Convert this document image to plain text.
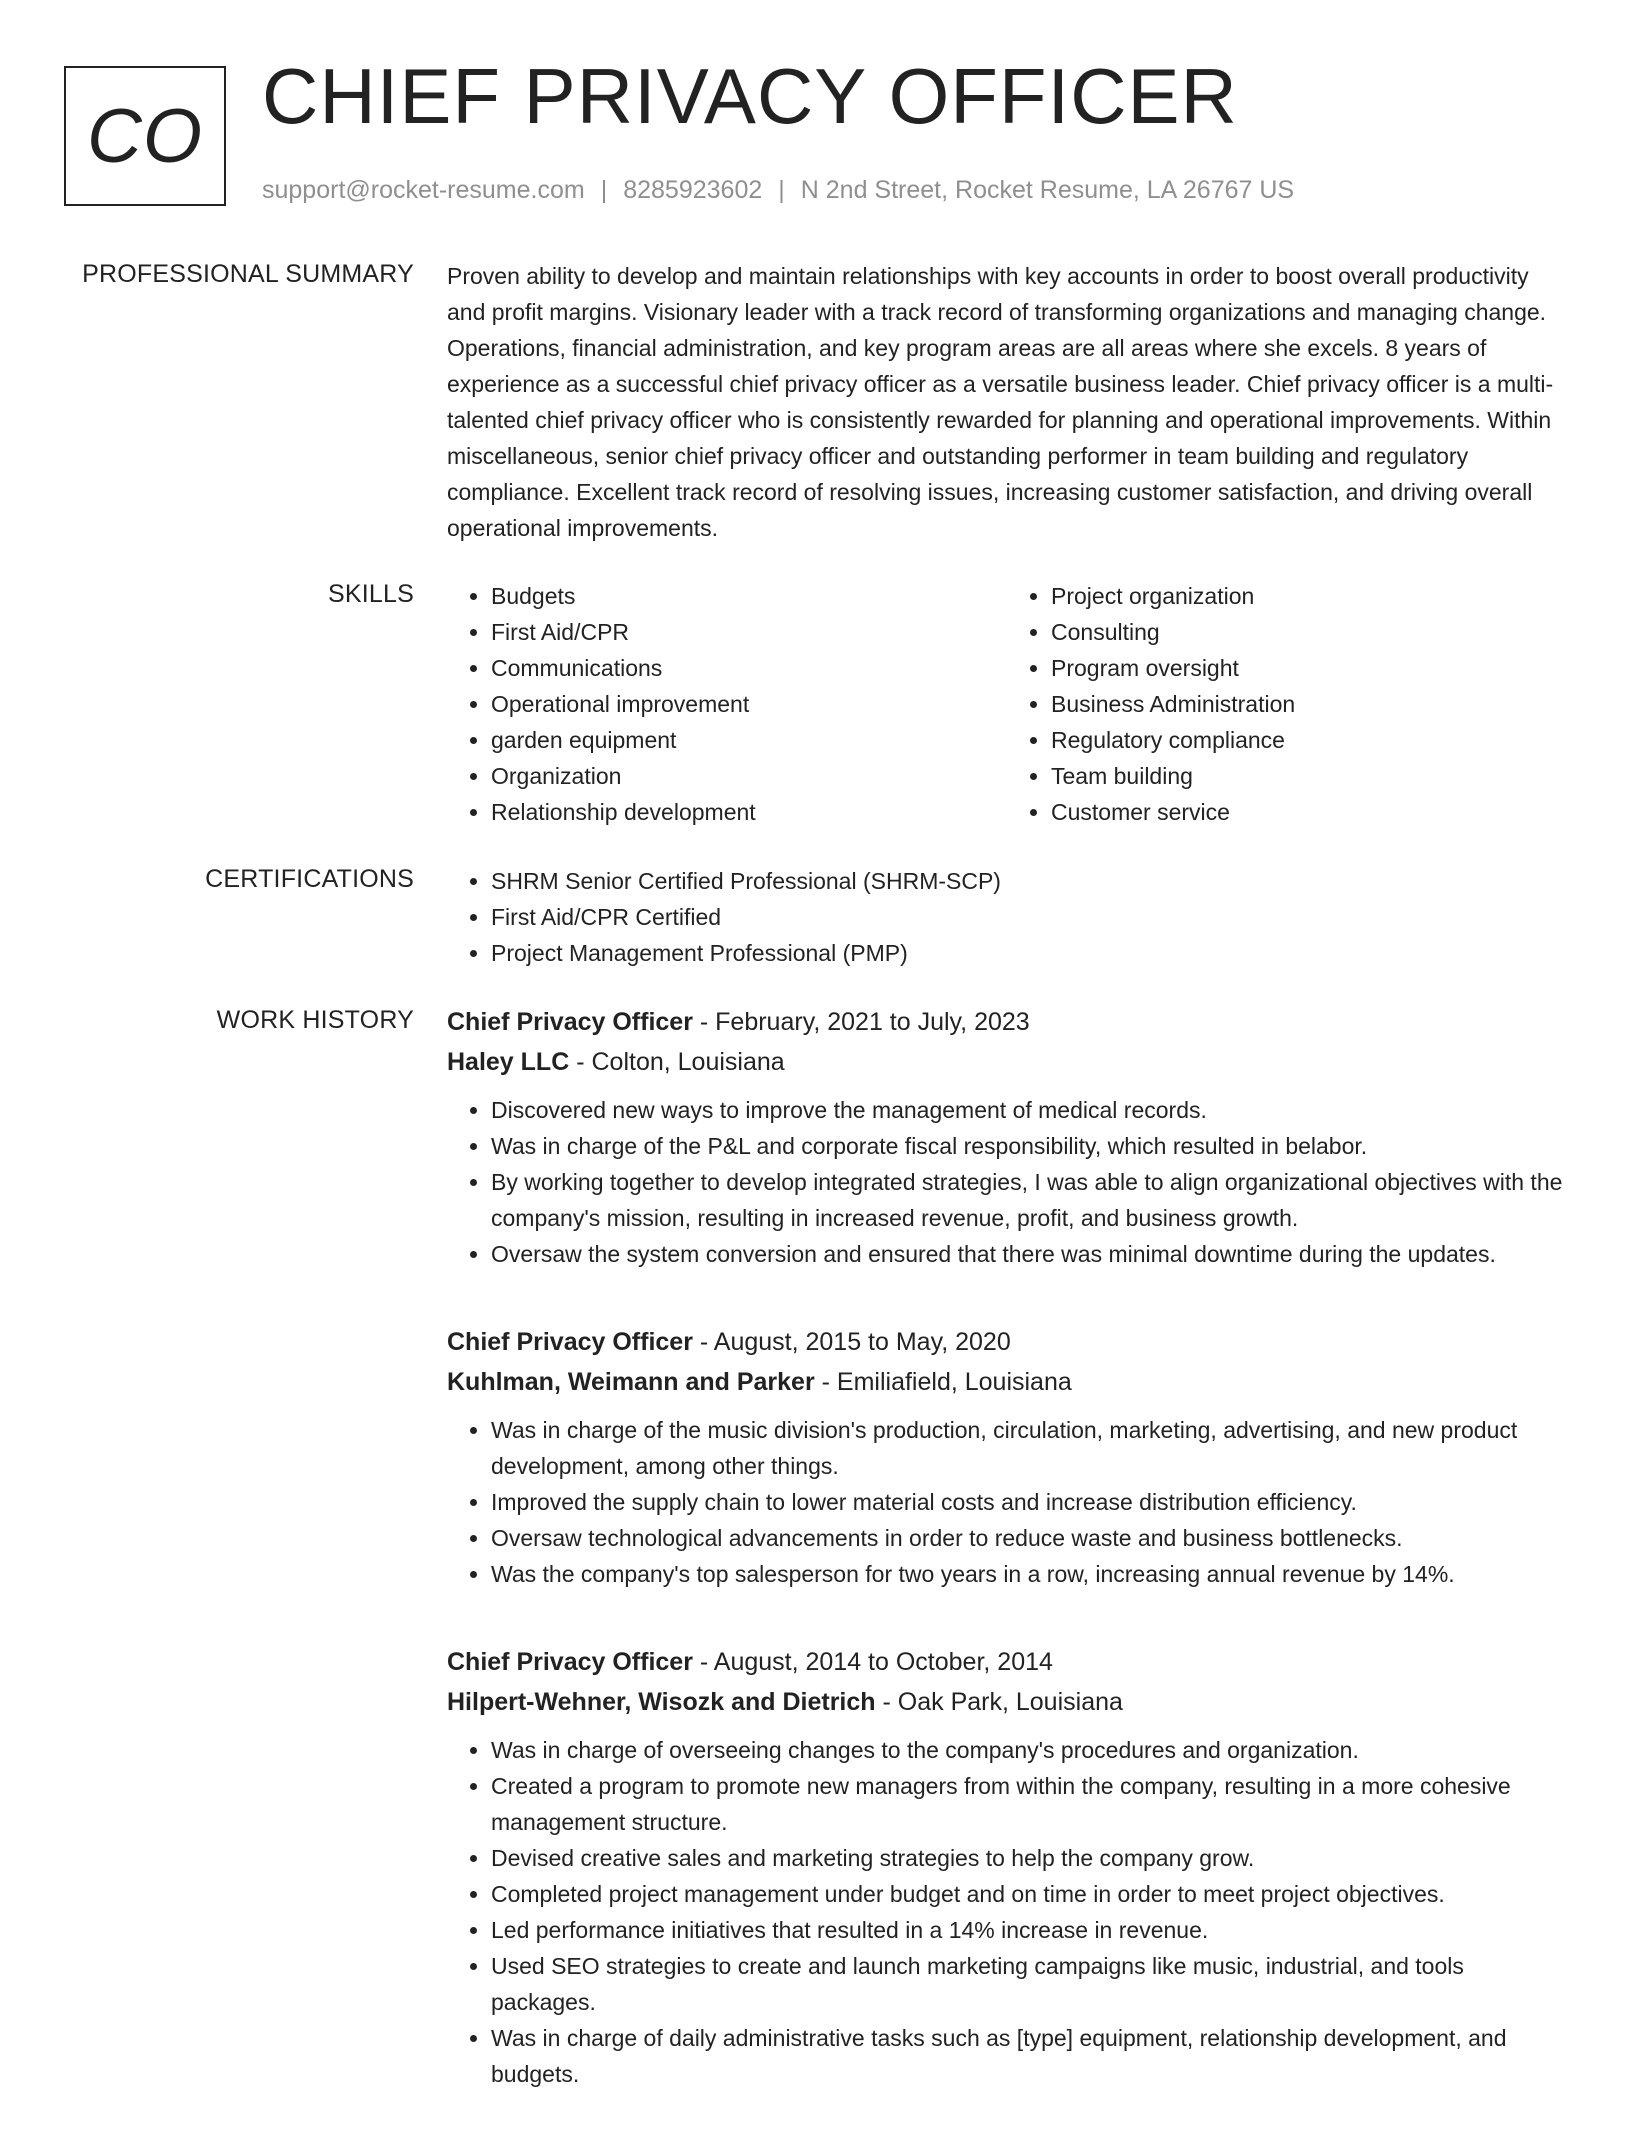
CO CHIEF PRIVACY OFFICER
support@rocket-resume.com | 8285923602 | N 2nd Street, Rocket Resume, LA 26767 US
PROFESSIONAL SUMMARY Proven ability to develop and maintain relationships with key accounts in order to boost overall productivity and profit margins. Visionary leader with a track record of transforming organizations and managing change. Operations, financial administration, and key program areas are all areas where she excels. 8 years of experience as a successful chief privacy officer as a versatile business leader. Chief privacy officer is a multi-talented chief privacy officer who is consistently rewarded for planning and operational improvements. Within miscellaneous, senior chief privacy officer and outstanding performer in team building and regulatory compliance. Excellent track record of resolving issues, increasing customer satisfaction, and driving overall operational improvements.
SKILLS	• Budgets
• First Aid/CPR
• Communications
• Operational improvement
• garden equipment
• Organization
• Relationship development
• Project organization
• Consulting
• Program oversight
• Business Administration
• Regulatory compliance
• Team building
• Customer service
CERTIFICATIONS	• SHRM Senior Certified Professional (SHRM-SCP)
• First Aid/CPR Certified
• Project Management Professional (PMP)
WORK HISTORY Chief Privacy Officer - February, 2021 to July, 2023
Haley LLC - Colton, Louisiana
• Discovered new ways to improve the management of medical records.
• Was in charge of the P&L and corporate fiscal responsibility, which resulted in belabor.
• By working together to develop integrated strategies, I was able to align organizational objectives with the company's mission, resulting in increased revenue, profit, and business growth.
• Oversaw the system conversion and ensured that there was minimal downtime during the updates.
Chief Privacy Officer - August, 2015 to May, 2020
Kuhlman, Weimann and Parker - Emiliafield, Louisiana
• Was in charge of the music division's production, circulation, marketing, advertising, and new product development, among other things.
• Improved the supply chain to lower material costs and increase distribution efficiency.
• Oversaw technological advancements in order to reduce waste and business bottlenecks.
• Was the company's top salesperson for two years in a row, increasing annual revenue by 14%.
Chief Privacy Officer - August, 2014 to October, 2014
Hilpert-Wehner, Wisozk and Dietrich - Oak Park, Louisiana
• Was in charge of overseeing changes to the company's procedures and organization.
• Created a program to promote new managers from within the company, resulting in a more cohesive management structure.
• Devised creative sales and marketing strategies to help the company grow.
• Completed project management under budget and on time in order to meet project objectives.
• Led performance initiatives that resulted in a 14% increase in revenue.
• Used SEO strategies to create and launch marketing campaigns like music, industrial, and tools packages.
• Was in charge of daily administrative tasks such as [type] equipment, relationship development, and budgets.
